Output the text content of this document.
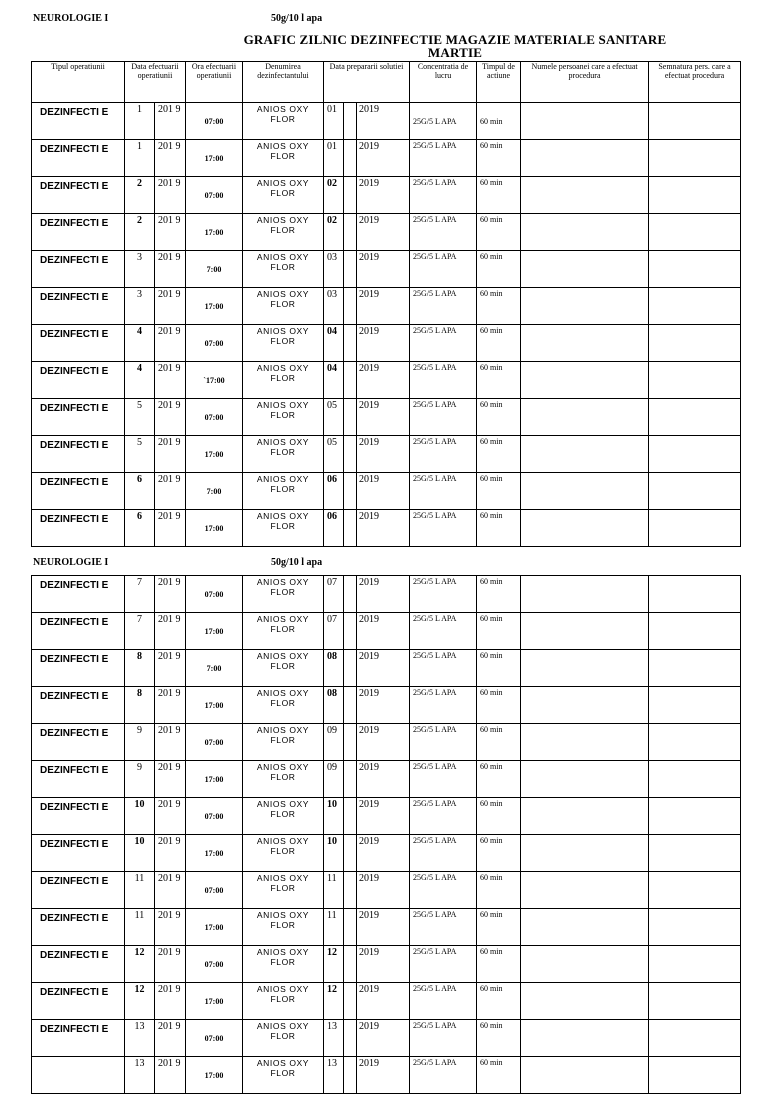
NEUROLOGIE I	50g/10 l apa
GRAFIC ZILNIC DEZINFECTIE MAGAZIE MATERIALE SANITARE
MARTIE
Tipul operatiunii	Data efectuarii operatiunii		Ora efectuarii operatiunii	Denumirea dezinfectantului	Data prepararii solutiei			Concentratia de lucru	Timpul de actiune	Numele persoanei care a efectuat procedura	Semnatura pers. care a efectuat procedura
DEZINFECTI E	1	201 9	07:00	ANIOS OXY FLOR	01		2019	25G/5 L APA	60 min		
DEZINFECTI E	1	201 9	17:00	ANIOS OXY FLOR	01		2019	25G/5 L APA	60 min		
DEZINFECTI E	2	201 9	07:00	ANIOS OXY FLOR	02		2019	25G/5 L APA	60 min		
DEZINFECTI E	2	201 9	17:00	ANIOS OXY FLOR	02		2019	25G/5 L APA	60 min		
DEZINFECTI E	3	201 9	7:00	ANIOS OXY FLOR	03		2019	25G/5 L APA	60 min		
DEZINFECTI E	3	201 9	17:00	ANIOS OXY FLOR	03		2019	25G/5 L APA	60 min		
DEZINFECTI E	4	201 9	07:00	ANIOS OXY FLOR	04		2019	25G/5 L APA	60 min		
DEZINFECTI E	4	201 9	`17:00	ANIOS OXY FLOR	04		2019	25G/5 L APA	60 min		
DEZINFECTI E	5	201 9	07:00	ANIOS OXY FLOR	05		2019	25G/5 L APA	60 min		
DEZINFECTI E	5	201 9	17:00	ANIOS OXY FLOR	05		2019	25G/5 L APA	60 min		
DEZINFECTI E	6	201 9	7:00	ANIOS OXY FLOR	06		2019	25G/5 L APA	60 min		
DEZINFECTI E	6	201 9	17:00	ANIOS OXY FLOR	06		2019	25G/5 L APA	60 min		
NEUROLOGIE I	50g/10 l apa
DEZINFECTI E	7	201 9	07:00	ANIOS OXY FLOR	07		2019	25G/5 L APA	60 min		
DEZINFECTI E	7	201 9	17:00	ANIOS OXY FLOR	07		2019	25G/5 L APA	60 min		
DEZINFECTI E	8	201 9	7:00	ANIOS OXY FLOR	08		2019	25G/5 L APA	60 min		
DEZINFECTI E	8	201 9	17:00	ANIOS OXY FLOR	08		2019	25G/5 L APA	60 min		
DEZINFECTI E	9	201 9	07:00	ANIOS OXY FLOR	09		2019	25G/5 L APA	60 min		
DEZINFECTI E	9	201 9	17:00	ANIOS OXY FLOR	09		2019	25G/5 L APA	60 min		
DEZINFECTI E	10	201 9	07:00	ANIOS OXY FLOR	10		2019	25G/5 L APA	60 min		
DEZINFECTI E	10	201 9	17:00	ANIOS OXY FLOR	10		2019	25G/5 L APA	60 min		
DEZINFECTI E	11	201 9	07:00	ANIOS OXY FLOR	11		2019	25G/5 L APA	60 min		
DEZINFECTI E	11	201 9	17:00	ANIOS OXY FLOR	11		2019	25G/5 L APA	60 min		
DEZINFECTI E	12	201 9	07:00	ANIOS OXY FLOR	12		2019	25G/5 L APA	60 min		
DEZINFECTI E	12	201 9	17:00	ANIOS OXY FLOR	12		2019	25G/5 L APA	60 min		
DEZINFECTI E	13	201 9	07:00	ANIOS OXY FLOR	13		2019	25G/5 L APA	60 min		
	13	201 9	17:00	ANIOS OXY FLOR	13		2019	25G/5 L APA	60 min		
